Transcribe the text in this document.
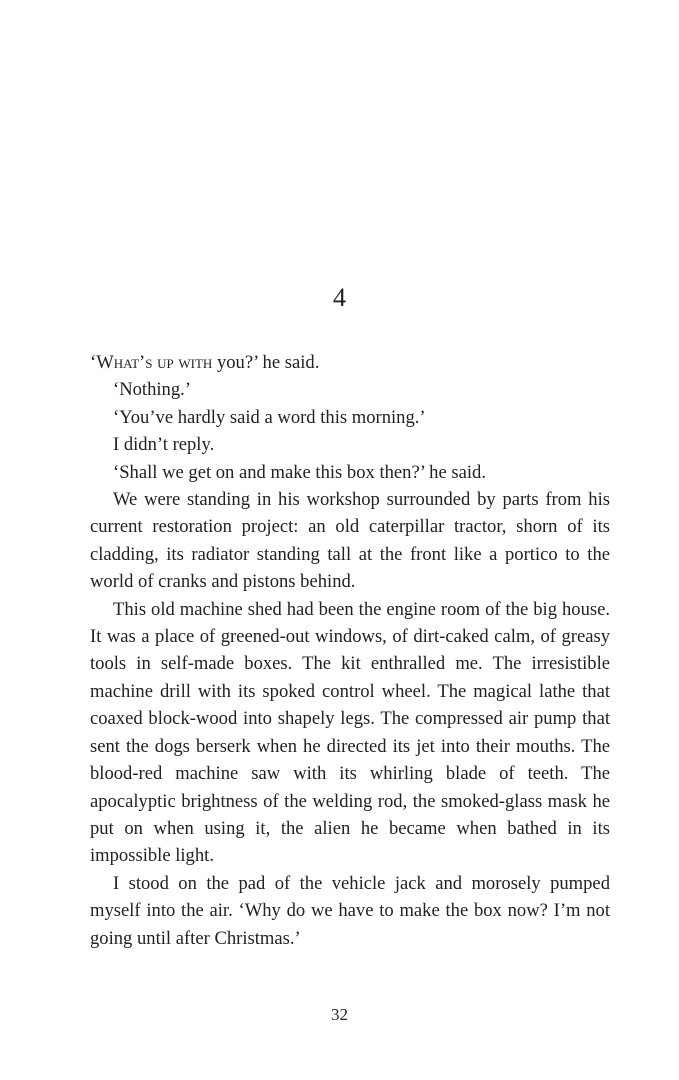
4

‘What’s up with you?’ he said.

‘Nothing.’

‘You’ve hardly said a word this morning.’

I didn’t reply.

‘Shall we get on and make this box then?’ he said.

We were standing in his workshop surrounded by parts from his current restoration project: an old caterpillar tractor, shorn of its cladding, its radiator standing tall at the front like a portico to the world of cranks and pistons behind.

This old machine shed had been the engine room of the big house. It was a place of greened-out windows, of dirt-caked calm, of greasy tools in self-made boxes. The kit enthralled me. The irresistible machine drill with its spoked control wheel. The magical lathe that coaxed block-wood into shapely legs. The compressed air pump that sent the dogs berserk when he directed its jet into their mouths. The blood-red machine saw with its whirling blade of teeth. The apocalyptic brightness of the welding rod, the smoked-glass mask he put on when using it, the alien he became when bathed in its impossible light.

I stood on the pad of the vehicle jack and morosely pumped myself into the air. ‘Why do we have to make the box now? I’m not going until after Christmas.’

32
